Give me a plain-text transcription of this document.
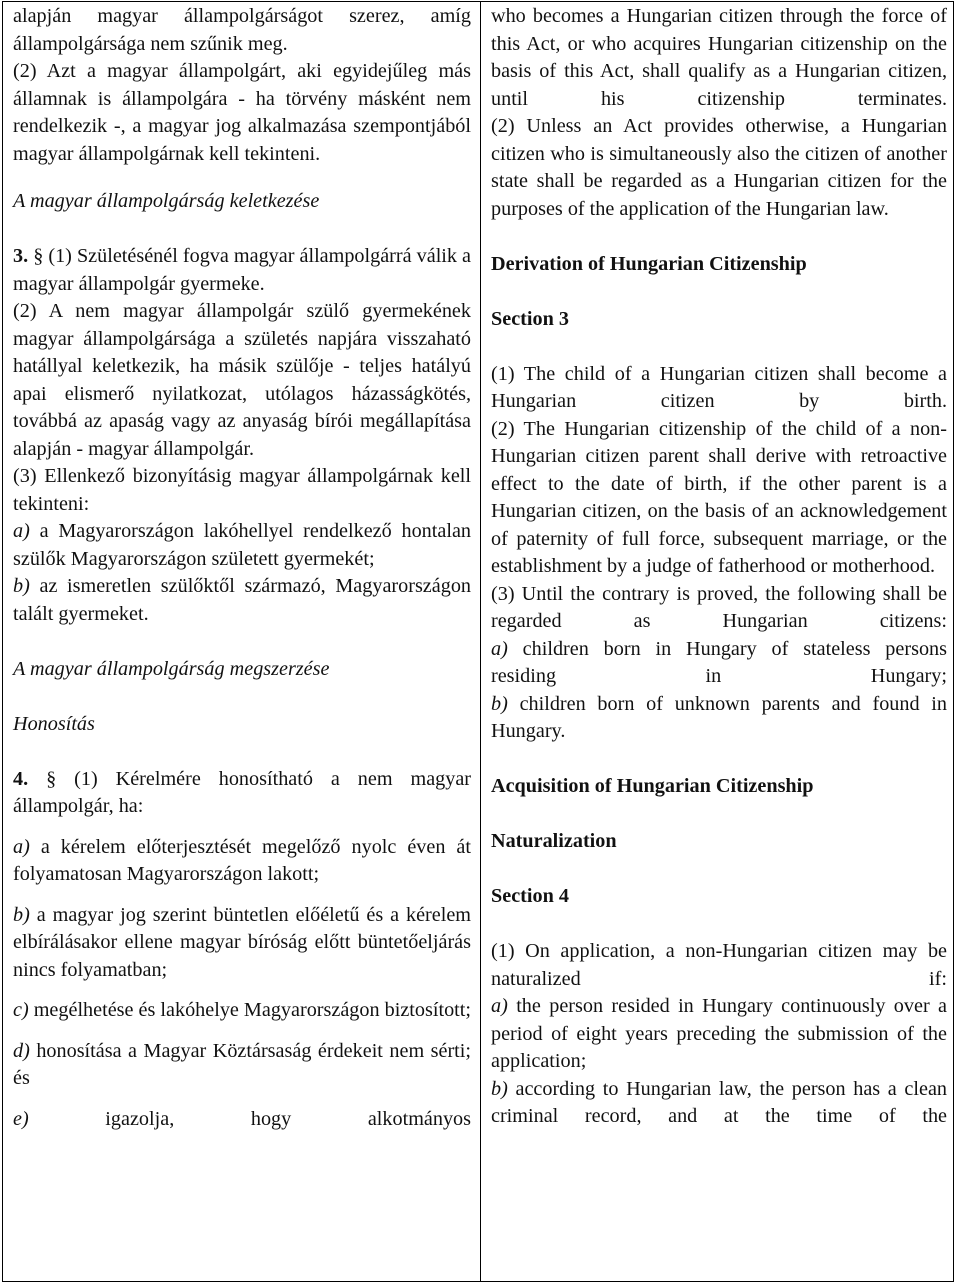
alapján magyar állampolgárságot szerez, amíg állampolgársága nem szűnik meg.

(2) Azt a magyar állampolgárt, aki egyidejűleg más államnak is állampolgára - ha törvény másként nem rendelkezik -, a magyar jog alkalmazása szempontjából magyar állampolgárnak kell tekinteni.

A magyar állampolgárság keletkezése

3. § (1) Születésénél fogva magyar állampolgárrá válik a magyar állampolgár gyermeke.

(2) A nem magyar állampolgár szülő gyermekének magyar állampolgársága a születés napjára visszaható hatállyal keletkezik, ha másik szülője - teljes hatályú apai elismerő nyilatkozat, utólagos házasságkötés, továbbá az apaság vagy az anyaság bírói megállapítása alapján - magyar állampolgár.

(3) Ellenkező bizonyításig magyar állampolgárnak kell tekinteni:

a) a Magyarországon lakóhellyel rendelkező hontalan szülők Magyarországon született gyermekét;

b) az ismeretlen szülőktől származó, Magyarországon talált gyermeket.

A magyar állampolgárság megszerzése

Honosítás

4. § (1) Kérelmére honosítható a nem magyar állampolgár, ha:

a) a kérelem előterjesztését megelőző nyolc éven át folyamatosan Magyarországon lakott;

b) a magyar jog szerint büntetlen előéletű és a kérelem elbírálásakor ellene magyar bíróság előtt büntetőeljárás nincs folyamatban;

c) megélhetése és lakóhelye Magyarországon biztosított;

d) honosítása a Magyar Köztársaság érdekeit nem sérti; és

e)	igazolja, hogy alkotmányos

who becomes a Hungarian citizen through the force of this Act, or who acquires Hungarian citizenship on the basis of this Act, shall qualify as a Hungarian citizen, until his citizenship terminates.

(2) Unless an Act provides otherwise, a Hungarian citizen who is simultaneously also the citizen of another state shall be regarded as a Hungarian citizen for the purposes of the application of the Hungarian law.

Derivation of Hungarian Citizenship

Section 3

(1) The child of a Hungarian citizen shall become a Hungarian citizen by birth.

(2) The Hungarian citizenship of the child of a non-Hungarian citizen parent shall derive with retroactive effect to the date of birth, if the other parent is a Hungarian citizen, on the basis of an acknowledgement of paternity of full force, subsequent marriage, or the establishment by a judge of fatherhood or motherhood.

(3) Until the contrary is proved, the following shall be regarded as Hungarian citizens:

a) children born in Hungary of stateless persons residing in Hungary;

b) children born of unknown parents and found in Hungary.

Acquisition of Hungarian Citizenship

Naturalization

Section 4

(1) On application, a non-Hungarian citizen may be naturalized if:

a) the person resided in Hungary continuously over a period of eight years preceding the submission of the application;

b) according to Hungarian law, the person has a clean criminal record, and at the time of the
